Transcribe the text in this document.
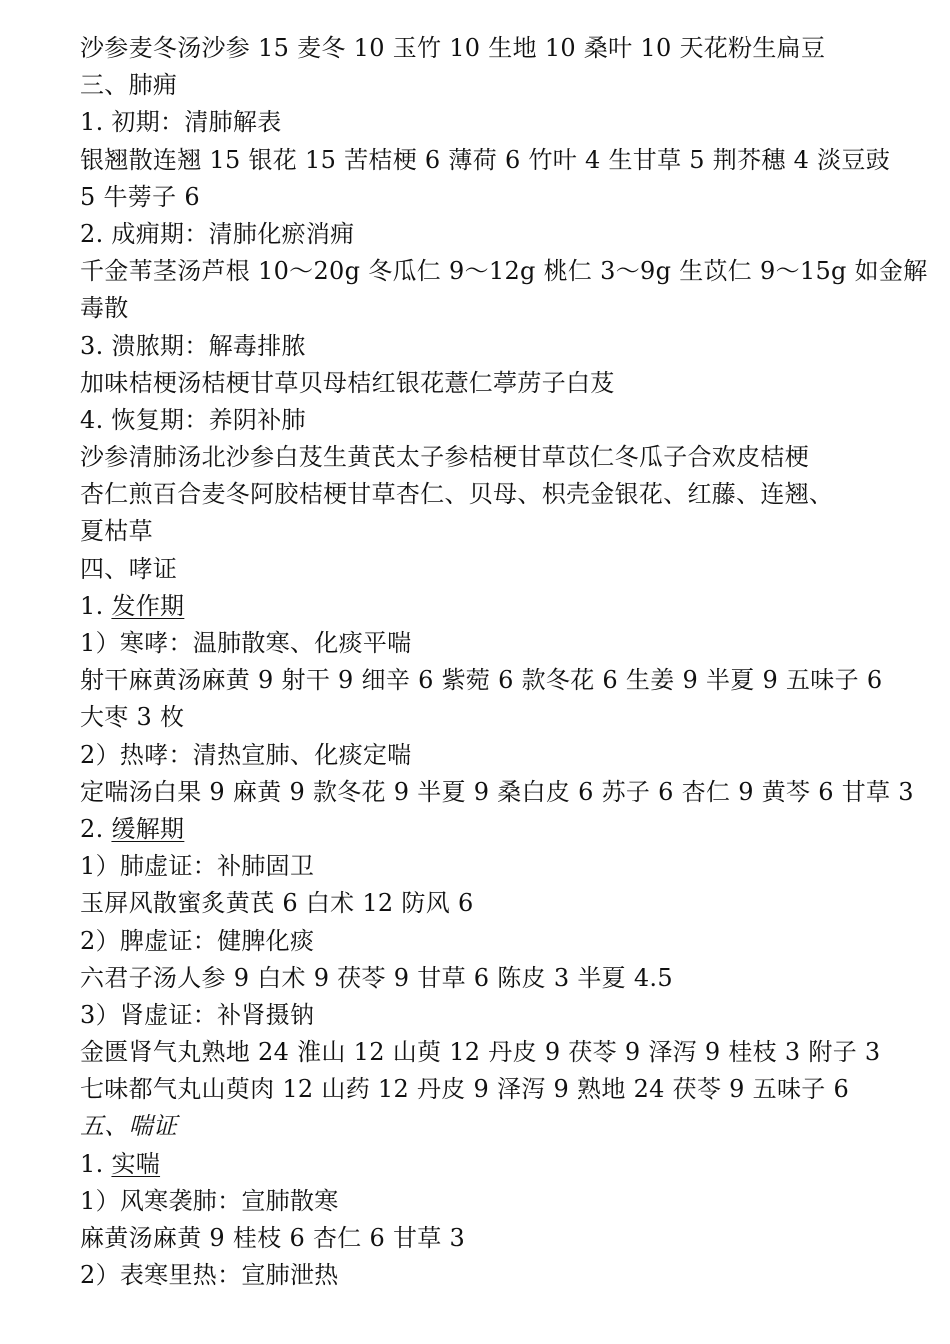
沙参麦冬汤沙参 15 麦冬 10 玉竹 10 生地 10 桑叶 10 天花粉生扁豆
三、肺痈
1. 初期：清肺解表
银翘散连翘 15 银花 15 苦桔梗 6 薄荷 6 竹叶 4 生甘草 5 荆芥穗 4 淡豆豉
5 牛蒡子 6
2. 成痈期：清肺化瘀消痈
千金苇茎汤芦根 10～20g 冬瓜仁 9～12g 桃仁 3～9g 生苡仁 9～15g 如金解
毒散
3. 溃脓期：解毒排脓
加味桔梗汤桔梗甘草贝母桔红银花薏仁葶苈子白芨
4. 恢复期：养阴补肺
沙参清肺汤北沙参白芨生黄芪太子参桔梗甘草苡仁冬瓜子合欢皮桔梗
杏仁煎百合麦冬阿胶桔梗甘草杏仁、贝母、枳壳金银花、红藤、连翘、
夏枯草
四、哮证
1. 发作期
1）寒哮：温肺散寒、化痰平喘
射干麻黄汤麻黄 9 射干 9 细辛 6 紫菀 6 款冬花 6 生姜 9 半夏 9 五味子 6
大枣 3 枚
2）热哮：清热宣肺、化痰定喘
定喘汤白果 9 麻黄 9 款冬花 9 半夏 9 桑白皮 6 苏子 6 杏仁 9 黄芩 6 甘草 3
2. 缓解期
1）肺虚证：补肺固卫
玉屏风散蜜炙黄芪 6 白术 12 防风 6
2）脾虚证：健脾化痰
六君子汤人参 9 白术 9 茯苓 9 甘草 6 陈皮 3 半夏 4.5
3）肾虚证：补肾摄钠
金匮肾气丸熟地 24 淮山 12 山萸 12 丹皮 9 茯苓 9 泽泻 9 桂枝 3 附子 3
七味都气丸山萸肉 12 山药 12 丹皮 9 泽泻 9 熟地 24 茯苓 9 五味子 6
五、喘证
1. 实喘
1）风寒袭肺：宣肺散寒
麻黄汤麻黄 9 桂枝 6 杏仁 6 甘草 3
2）表寒里热：宣肺泄热
